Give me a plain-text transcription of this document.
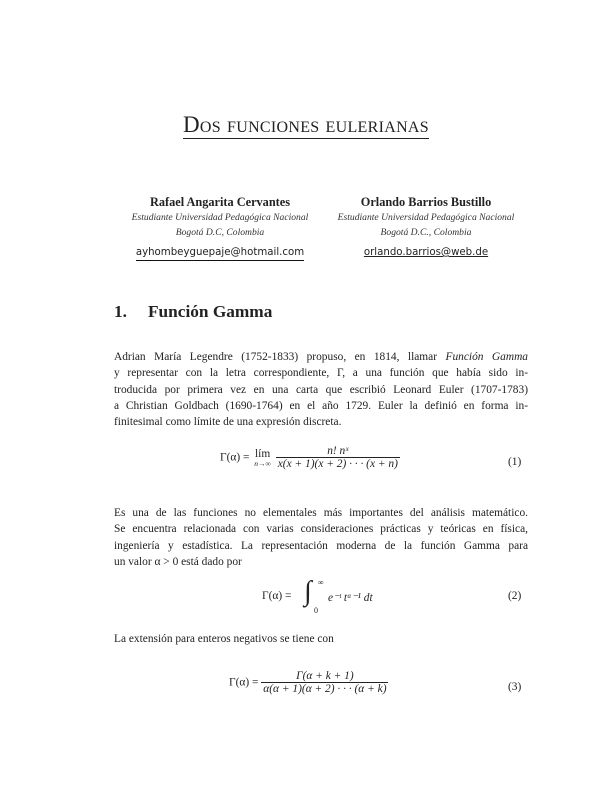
Dos funciones eulerianas
Rafael Angarita Cervantes
Estudiante Universidad Pedagógica Nacional
Bogotá D.C, Colombia
ayhombeyguepaje@hotmail.com
Orlando Barrios Bustillo
Estudiante Universidad Pedagógica Nacional
Bogotá D.C., Colombia
orlando.barrios@web.de
1. Función Gamma
Adrian María Legendre (1752-1833) propuso, en 1814, llamar Función Gamma
y representar con la letra correspondiente, Γ, a una función que había sido in-
troducida por primera vez en una carta que escribió Leonard Euler (1707-1783)
a Christian Goldbach (1690-1764) en el año 1729. Euler la definió en forma in-
finitesimal como límite de una expresión discreta.
Γ(α) = lím
n→∞
$\frac{\text{n! nˣ}}{x(x + 1)(x + 2) \cdot \cdot \cdot (x + n)}$	(1)
Es una de las funciones no elementales más importantes del análisis matemático.
Se encuentra relacionada con varias consideraciones prácticas y teóricas en física,
ingeniería y estadística. La representación moderna de la función Gamma para
un valor α > 0 está dado por
Γ(α) = ∫ ∞
0
e⁻ᵗ tᵅ⁻¹ dt	(2)
La extensión para enteros negativos se tiene con
$\Gamma(\alpha) = \frac{\Gamma(\alpha + k + 1)}{\alpha(\alpha + 1)(\alpha + 2) \cdot \cdot \cdot (\alpha + k)}$	(3)
